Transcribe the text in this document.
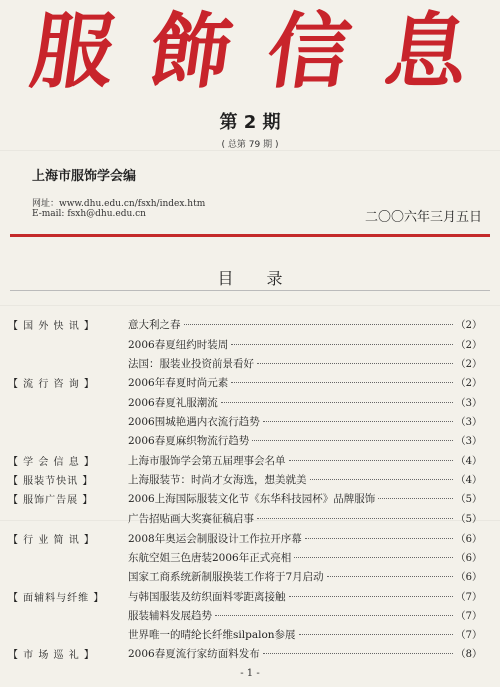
服 飾 信 息
第 2 期
( 总第 79 期 )
上海市服饰学会编
网址：www.dhu.edu.cn/fsxh/index.htm
E-mail: fsxh@dhu.edu.cn	二〇〇六年三月五日
目 录
【 国 外 快 讯 】	意大利之春	（2）
2006春夏纽约时装周	（2）
法国：服装业投资前景看好	（2）
【 流 行 咨 询 】	2006年春夏时尚元素	（2）
2006春夏礼服潮流	（3）
2006围城艳遇内衣流行趋势	（3）
2006春夏麻织物流行趋势	（3）
【 学 会 信 息 】	上海市服饰学会第五届理事会名单	（4）
【 服装节快讯 】	上海服装节：时尚才女海选，想美就美	（4）
【 服饰广告展 】	2006上海国际服装文化节《东华科技园杯》品牌服饰	（5）
广告招贴画大奖赛征稿启事	（5）
【 行 业 简 讯 】	2008年奥运会制服设计工作拉开序幕	（6）
东航空姐三色唐装2006年正式亮相	（6）
国家工商系统新制服换装工作将于7月启动	（6）
【 面辅料与纤维 】 与韩国服装及纺织面料零距离接触	（7）
服装辅料发展趋势	（7）
世界唯一的晴纶长纤维silpalon参展	（7）
【 市 场 巡 礼 】	2006春夏流行家纺面料发布	（8）
- 1 -
